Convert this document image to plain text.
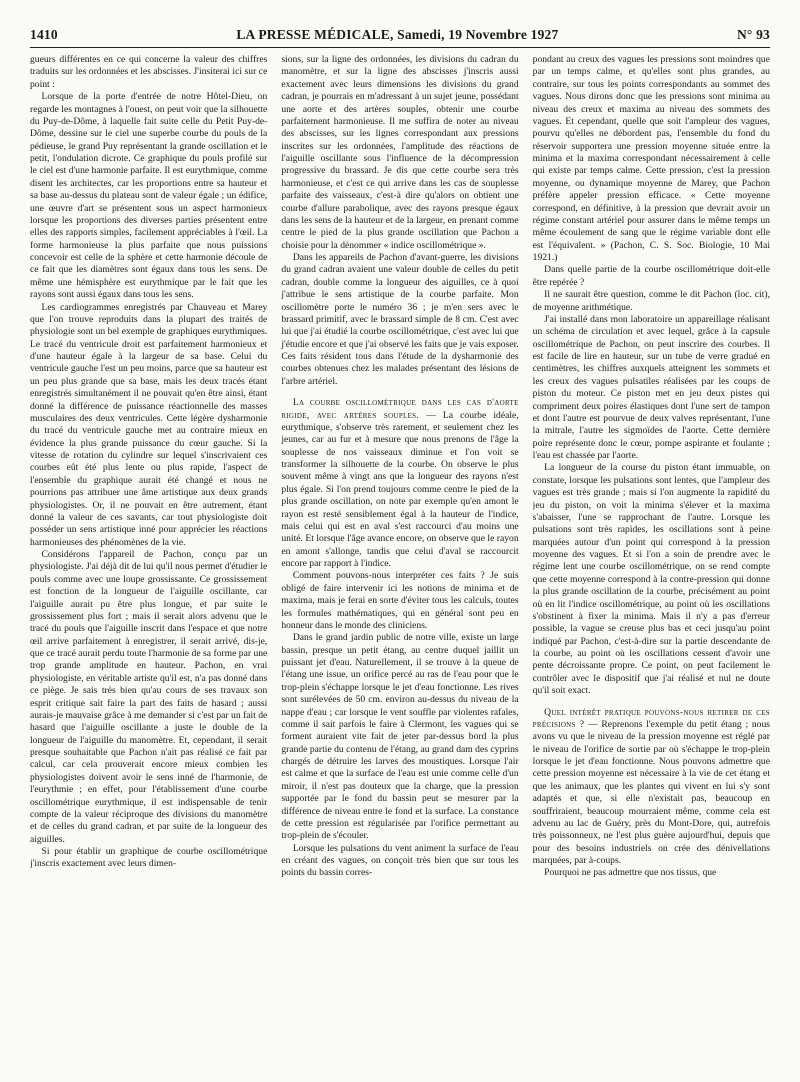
1410	LA PRESSE MÉDICALE, Samedi, 19 Novembre 1927	N° 93

gueurs différentes en ce qui concerne la valeur des chiffres traduits sur les ordonnées et les abscisses. J'insiterai ici sur ce point :

Lorsque de la porte d'entrée de notre Hôtel-Dieu, on regarde les montagnes à l'ouest, on peut voir que la silhouette du Puy-de-Dôme, à laquelle fait suite celle du Petit Puy-de-Dôme, dessine sur le ciel une superbe courbe du pouls de la pédieuse, le grand Puy représentant la grande oscillation et le petit, l'ondulation dicrote. Ce graphique du pouls profilé sur le ciel est d'une harmonie parfaite. Il est eurythmique, comme disent les architectes, car les proportions entre sa hauteur et sa base au-dessus du plateau sont de valeur égale ; un édifice, une œuvre d'art se présentent sous un aspect harmonieux lorsque les proportions des diverses parties présentent entre elles des rapports simples, facilement appréciables à l'œil. La forme harmonieuse la plus parfaite que nous puissions concevoir est celle de la sphère et cette harmonie découle de ce fait que les diamètres sont égaux dans tous les sens. De même une hémisphère est eurythmique par le fait que les rayons sont aussi égaux dans tous les sens.

Les cardiogrammes enregistrés par Chauveau et Marey que l'on trouve reproduits dans la plupart des traités de physiologie sont un bel exemple de graphiques eurythmiques. Le tracé du ventricule droit est parfaitement harmonieux et d'une hauteur égale à la largeur de sa base. Celui du ventricule gauche l'est un peu moins, parce que sa hauteur est un peu plus grande que sa base, mais les deux tracés étant enregistrés simultanément il ne pouvait qu'en être ainsi, étant donné la différence de puissance réactionnelle des masses musculaires des deux ventricules. Cette légère dysharmonie du tracé du ventricule gauche met au contraire mieux en évidence la plus grande puissance du cœur gauche. Si la vitesse de rotation du cylindre sur lequel s'inscrivaient ces courbes eût été plus lente ou plus rapide, l'aspect de l'ensemble du graphique aurait été changé et nous ne pourrions pas attribuer une âme artistique aux deux grands physiologistes. Or, il ne pouvait en être autrement, étant donné la valeur de ces savants, car tout physiologiste doit posséder un sens artistique inné pour apprécier les réactions harmonieuses des phénomènes de la vie.

Considérons l'appareil de Pachon, conçu par un physiologiste. J'ai déjà dit de lui qu'il nous permet d'étudier le pouls comme avec une loupe grossissante. Ce grossissement est fonction de la longueur de l'aiguille oscillante, car l'aiguille aurait pu être plus longue, et par suite le grossissement plus fort ; mais il serait alors advenu que le tracé du pouls que l'aiguille inscrit dans l'espace et que notre œil arrive parfaitement à enregistrer, il serait arrivé, dis-je, que ce tracé aurait perdu toute l'harmonie de sa forme par une trop grande amplitude en hauteur. Pachon, en vrai physiologiste, en véritable artiste qu'il est, n'a pas donné dans ce piège. Je sais très bien qu'au cours de ses travaux son esprit critique sait faire la part des faits de hasard ; aussi aurais-je mauvaise grâce à me demander si c'est par un fait de hasard que l'aiguille oscillante a juste le double de la longueur de l'aiguille du manomètre. Et, cependant, il serait presque souhaitable que Pachon n'ait pas réalisé ce fait par calcul, car cela prouverait encore mieux combien les physiologistes doivent avoir le sens inné de l'harmonie, de l'eurythmie ; en effet, pour l'établissement d'une courbe oscillométrique eurythmique, il est indispensable de tenir compte de la valeur réciproque des divisions du manomètre et de celles du grand cadran, et par suite de la longueur des aiguilles.

Si pour établir un graphique de courbe oscillométrique j'inscris exactement avec leurs dimen-

sions, sur la ligne des ordonnées, les divisions du cadran du manomètre, et sur la ligne des abscisses j'inscris aussi exactement avec leurs dimensions les divisions du grand cadran, je pourrais en m'adressant à un sujet jeune, possédant une aorte et des artères souples, obtenir une courbe parfaitement harmonieuse. Il me suffira de noter au niveau des abscisses, sur les lignes correspondant aux pressions inscrites sur les ordonnées, l'amplitude des réactions de l'aiguille oscillante sous l'influence de la décompression progressive du brassard. Je dis que cette courbe sera très harmonieuse, et c'est ce qui arrive dans les cas de souplesse parfaite des vaisseaux, c'est-à dire qu'alors on obtient une courbe d'allure parabolique, avec des rayons presque égaux dans les sens de la hauteur et de la largeur, en prenant comme centre le pied de la plus grande oscillation que Pachon a choisie pour la dénommer « indice oscillométrique ».

Dans les appareils de Pachon d'avant-guerre, les divisions du grand cadran avaient une valeur double de celles du petit cadran, double comme la longueur des aiguilles, ce à quoi j'attribue le sens artistique de la courbe parfaite. Mon oscillomètre porte le numéro 36 ; je m'en sers avec le brassard primitif, avec le brassard simple de 8 cm. C'est avec lui que j'ai étudié la courbe oscillométrique, c'est avec lui que j'étudie encore et que j'ai observé les faits que je vais exposer. Ces faits résident tous dans l'étude de la dysharmonie des courbes obtenues chez les malades présentant des lésions de l'arbre artériel.

La courbe oscillométrique dans les cas d'aorte rigide, avec artères souples. — La courbe idéale, eurythmique, s'observe très rarement, et seulement chez les jeunes, car au fur et à mesure que nous prenons de l'âge la souplesse de nos vaisseaux diminue et l'on voit se transformer la silhouette de la courbe. On observe le plus souvent même à vingt ans que la longueur des rayons n'est plus égale. Si l'on prend toujours comme centre le pied de la plus grande oscillation, on note par exemple qu'en amont le rayon est resté sensiblement égal à la hauteur de l'indice, mais celui qui est en aval s'est raccourci d'au moins une unité. Et lorsque l'âge avance encore, on observe que le rayon en amont s'allonge, tandis que celui d'aval se raccourcit encore par rapport à l'indice.

Comment pouvons-nous interpréter ces faits ? Je suis obligé de faire intervenir ici les notions de minima et de maxima, mais je ferai en sorte d'éviter tous les calculs, toutes les formules mathématiques, qui en général sont peu en honneur dans le monde des cliniciens.

Dans le grand jardin public de notre ville, existe un large bassin, presque un petit étang, au centre duquel jaillit un puissant jet d'eau. Naturellement, il se trouve à la queue de l'étang une issue, un orifice percé au ras de l'eau pour que le trop-plein s'échappe lorsque le jet d'eau fonctionne. Les rives sont surélevées de 50 cm. environ au-dessus du niveau de la nappe d'eau ; car lorsque le vent souffle par violentes rafales, comme il sait parfois le faire à Clermont, les vagues qui se forment auraient vite fait de jeter par-dessus bord la plus grande partie du contenu de l'étang, au grand dam des cyprins chargés de détruire les larves des moustiques. Lorsque l'air est calme et que la surface de l'eau est unie comme celle d'un miroir, il n'est pas douteux que la charge, que la pression supportée par le fond du bassin peut se mesurer par la différence de niveau entre le fond et la surface. La constance de cette pression est régularisée par l'orifice permettant au trop-plein de s'écouler.

Lorsque les pulsations du vent animent la surface de l'eau en créant des vagues, on conçoit très bien que sur tous les points du bassin corres-

pondant au creux des vagues les pressions sont moindres que par un temps calme, et qu'elles sont plus grandes, au contraire, sur tous les points correspondants au sommet des vagues. Nous dirons donc que les pressions sont minima au niveau des creux et maxima au niveau des sommets des vagues. Et cependant, quelle que soit l'ampleur des vagues, pourvu qu'elles ne débordent pas, l'ensemble du fond du réservoir supportera une pression moyenne située entre la minima et la maxima correspondant nécessairement à celle qui existe par temps calme. Cette pression, c'est la pression moyenne, ou dynamique moyenne de Marey, que Pachon préfère appeler pression efficace. « Cette moyenne correspond, en définitive, à la pression que devrait avoir un régime constant artériel pour assurer dans le même temps un même écoulement de sang que le régime variable dont elle est l'équivalent. » (Pachon, C. S. Soc. Biologie, 10 Mai 1921.)

Dans quelle partie de la courbe oscillométrique doit-elle être repérée ?

Il ne saurait être question, comme le dit Pachon (loc. cit), de moyenne arithmétique.

J'ai installé dans mon laboratoire un appareillage réalisant un schéma de circulation et avec lequel, grâce à la capsule oscillométrique de Pachon, on peut inscrire des courbes. Il est facile de lire en hauteur, sur un tube de verre gradué en centimètres, les chiffres auxquels atteignent les sommets et les creux des vagues pulsatiles réalisées par les coups de piston du moteur. Ce piston met en jeu deux pistes qui compriment deux poires élastiques dont l'une sert de tampon et dont l'autre est pourvue de deux valves représentant, l'une la mitrale, l'autre les sigmoïdes de l'aorte. Cette dernière poire représente donc le cœur, pompe aspirante et foulante ; l'eau est chassée par l'aorte.

La longueur de la course du piston étant immuable, on constate, lorsque les pulsations sont lentes, que l'ampleur des vagues est très grande ; mais si l'on augmente la rapidité du jeu du piston, on voit la minima s'élever et la maxima s'abaisser, l'une se rapprochant de l'autre. Lorsque les pulsations sont très rapides, les oscillations sont à peine marquées autour d'un point qui correspond à la pression moyenne des vagues. Et si l'on a soin de prendre avec le régime lent une courbe oscillométrique, on se rend compte que cette moyenne correspond à la contre-pression qui donne la plus grande oscillation de la courbe, précisément au point où en lit l'indice oscillométrique, au point où les oscillations s'obstinent à fixer la minima. Mais il n'y a pas d'erreur possible, la vague se creuse plus bas et ceci jusqu'au point indiqué par Pachon, c'est-à-dire sur la partie descendante de la courbe, au point où les oscillations cessent d'avoir une pente décroissante propre. Ce point, on peut facilement le contrôler avec le dispositif que j'ai réalisé et nul ne doute qu'il soit exact.

Quel intérêt pratique pouvons-nous retirer de ces précisions ? — Reprenons l'exemple du petit étang ; nous avons vu que le niveau de la pression moyenne est réglé par le niveau de l'orifice de sortie par où s'échappe le trop-plein lorsque le jet d'eau fonctionne. Nous pouvons admettre que cette pression moyenne est nécessaire à la vie de cet étang et que les animaux, que les plantes qui vivent en lui s'y sont adaptés et que, si elle n'existait pas, beaucoup en souffriraient, beaucoup mourraient même, comme cela est advenu au lac de Guéry, près du Mont-Dore, qui, autrefois très poissonneux, ne l'est plus guère aujourd'hui, depuis que pour des besoins industriels on crée des dénivellations marquées, par à-coups.

Pourquoi ne pas admettre que nos tissus, que
